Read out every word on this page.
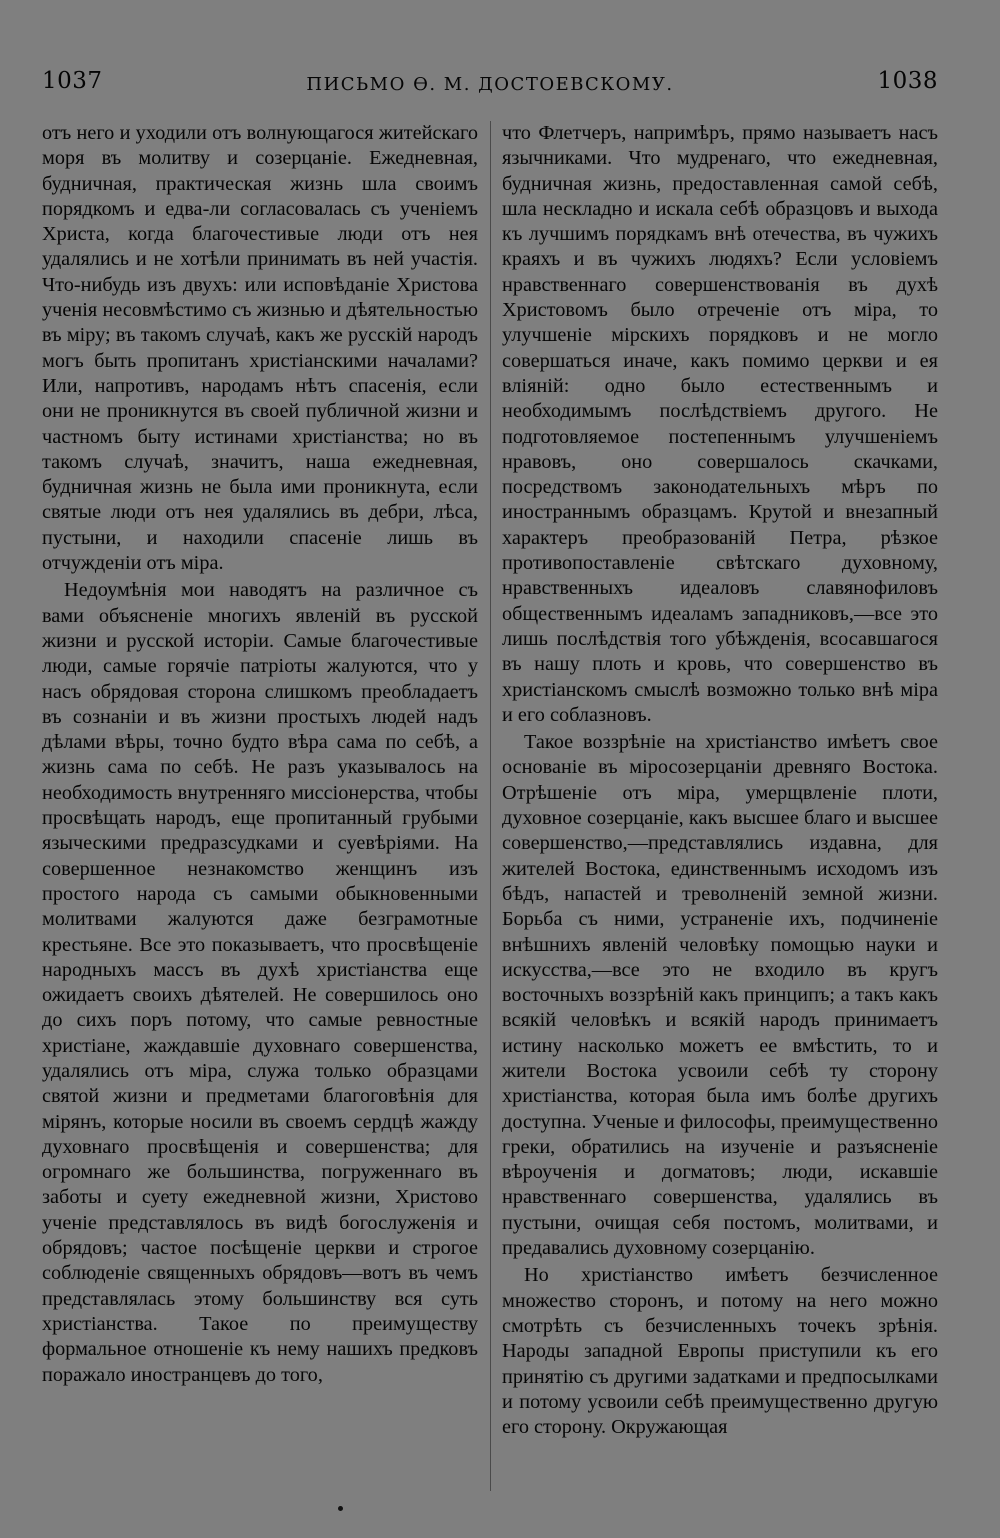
1037	ПИСЬМО Ѳ. М. ДОСТОЕВСКОМУ.	1038

отъ него и уходили отъ волнующагося житейскаго моря въ молитву и созерцаніе. Ежедневная, будничная, практическая жизнь шла своимъ порядкомъ и едва-ли согласовалась съ ученіемъ Христа, когда благочестивые люди отъ нея удалялись и не хотѣли принимать въ ней участія. Что-нибудь изъ двухъ: или исповѣданіе Христова ученія несовмѣстимо съ жизнью и дѣятельностью въ міру; въ такомъ случаѣ, какъ же русскій народъ могъ быть пропитанъ христіанскими началами? Или, напротивъ, народамъ нѣтъ спасенія, если они не проникнутся въ своей публичной жизни и частномъ быту истинами христіанства; но въ такомъ случаѣ, значитъ, наша ежедневная, будничная жизнь не была ими проникнута, если святые люди отъ нея удалялись въ дебри, лѣса, пустыни, и находили спасеніе лишь въ отчужденіи отъ міра.

Недоумѣнія мои наводятъ на различное съ вами объясненіе многихъ явленій въ русской жизни и русской исторіи. Самые благочестивые люди, самые горячіе патріоты жалуются, что у насъ обрядовая сторона слишкомъ преобладаетъ въ сознаніи и въ жизни простыхъ людей надъ дѣлами вѣры, точно будто вѣра сама по себѣ, а жизнь сама по себѣ. Не разъ указывалось на необходимость внутренняго миссіонерства, чтобы просвѣщать народъ, еще пропитанный грубыми языческими предразсудками и суевѣріями. На совершенное незнакомство женщинъ изъ простого народа съ самыми обыкновенными молитвами жалуются даже безграмотные крестьяне. Все это показываетъ, что просвѣщеніе народныхъ массъ въ духѣ христіанства еще ожидаетъ своихъ дѣятелей. Не совершилось оно до сихъ поръ потому, что самые ревностные христіане, жаждавшіе духовнаго совершенства, удалялись отъ міра, служа только образцами святой жизни и предметами благоговѣнія для мірянъ, которые носили въ своемъ сердцѣ жажду духовнаго просвѣщенія и совершенства; для огромнаго же большинства, погруженнаго въ заботы и суету ежедневной жизни, Христово ученіе представлялось въ видѣ богослуженія и обрядовъ; частое посѣщеніе церкви и строгое соблюденіе священныхъ обрядовъ—вотъ въ чемъ представлялась этому большинству вся суть христіанства. Такое по преимуществу формальное отношеніе къ нему нашихъ предковъ поражало иностранцевъ до того,

что Флетчеръ, напримѣръ, прямо называетъ насъ язычниками. Что мудренаго, что ежедневная, будничная жизнь, предоставленная самой себѣ, шла нескладно и искала себѣ образцовъ и выхода къ лучшимъ порядкамъ внѣ отечества, въ чужихъ краяхъ и въ чужихъ людяхъ? Если условіемъ нравственнаго совершенствованія въ духѣ Христовомъ было отреченіе отъ міра, то улучшеніе мірскихъ порядковъ и не могло совершаться иначе, какъ помимо церкви и ея вліяній: одно было естественнымъ и необходимымъ послѣдствіемъ другого. Не подготовляемое постепеннымъ улучшеніемъ нравовъ, оно совершалось скачками, посредствомъ законодательныхъ мѣръ по иностраннымъ образцамъ. Крутой и внезапный характеръ преобразованій Петра, рѣзкое противопоставленіе свѣтскаго духовному, нравственныхъ идеаловъ славянофиловъ общественнымъ идеаламъ западниковъ,—все это лишь послѣдствія того убѣжденія, всосавшагося въ нашу плоть и кровь, что совершенство въ христіанскомъ смыслѣ возможно только внѣ міра и его соблазновъ.

Такое воззрѣніе на христіанство имѣетъ свое основаніе въ міросозерцаніи древняго Востока. Отрѣшеніе отъ міра, умерщвленіе плоти, духовное созерцаніе, какъ высшее благо и высшее совершенство,—представлялись издавна, для жителей Востока, единственнымъ исходомъ изъ бѣдъ, напастей и треволненій земной жизни. Борьба съ ними, устраненіе ихъ, подчиненіе внѣшнихъ явленій человѣку помощью науки и искусства,—все это не входило въ кругъ восточныхъ воззрѣній какъ принципъ; а такъ какъ всякій человѣкъ и всякій народъ принимаетъ истину насколько можетъ ее вмѣстить, то и жители Востока усвоили себѣ ту сторону христіанства, которая была имъ болѣе другихъ доступна. Ученые и философы, преимущественно греки, обратились на изученіе и разъясненіе вѣроученія и догматовъ; люди, искавшіе нравственнаго совершенства, удалялись въ пустыни, очищая себя постомъ, молитвами, и предавались духовному созерцанію.

Но христіанство имѣетъ безчисленное множество сторонъ, и потому на него можно смотрѣть съ безчисленныхъ точекъ зрѣнія. Народы западной Европы приступили къ его принятію съ другими задатками и предпосылками и потому усвоили себѣ преимущественно другую его сторону. Окружающая
